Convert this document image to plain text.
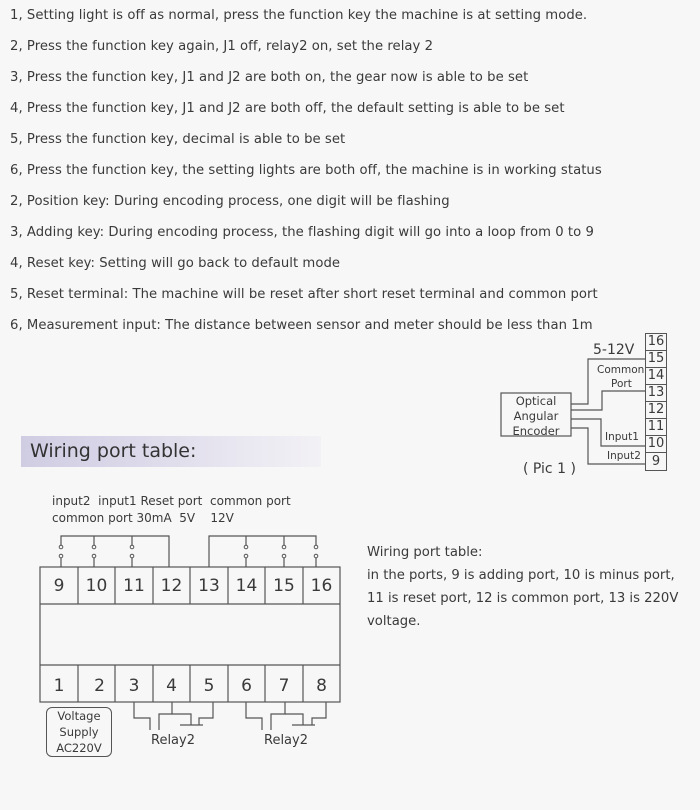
1, Setting light is off as normal, press the function key the machine is at setting mode.
2, Press the function key again, J1 off, relay2 on, set the relay 2
3, Press the function key, J1 and J2 are both on, the gear now is able to be set
4, Press the function key, J1 and J2 are both off, the default setting is able to be set
5, Press the function key, decimal is able to be set
6, Press the function key, the setting lights are both off, the machine is in working status
2, Position key: During encoding process, one digit will be flashing
3, Adding key: During encoding process, the flashing digit will go into a loop from 0 to 9
4, Reset key: Setting will go back to default mode
5, Reset terminal: The machine will be reset after short reset terminal and common port
6, Measurement input: The distance between sensor and meter should be less than 1m
Optical
Angular
Encoder
5-12V
Common
Port
Input1
Input2
( Pic 1 )
16
15
14
13
12
11
10
9
Wiring port table:
input2  input1 Reset port  common port
common port 30mA  5V    12V
9	10 11 12 13 14 15 16
1	2	3	4	5	6	7	8
Voltage
Supply
AC220V	Relay2	Relay2
Wiring port table:
in the ports, 9 is adding port, 10 is minus port,
11 is reset port, 12 is common port, 13 is 220V
voltage.
